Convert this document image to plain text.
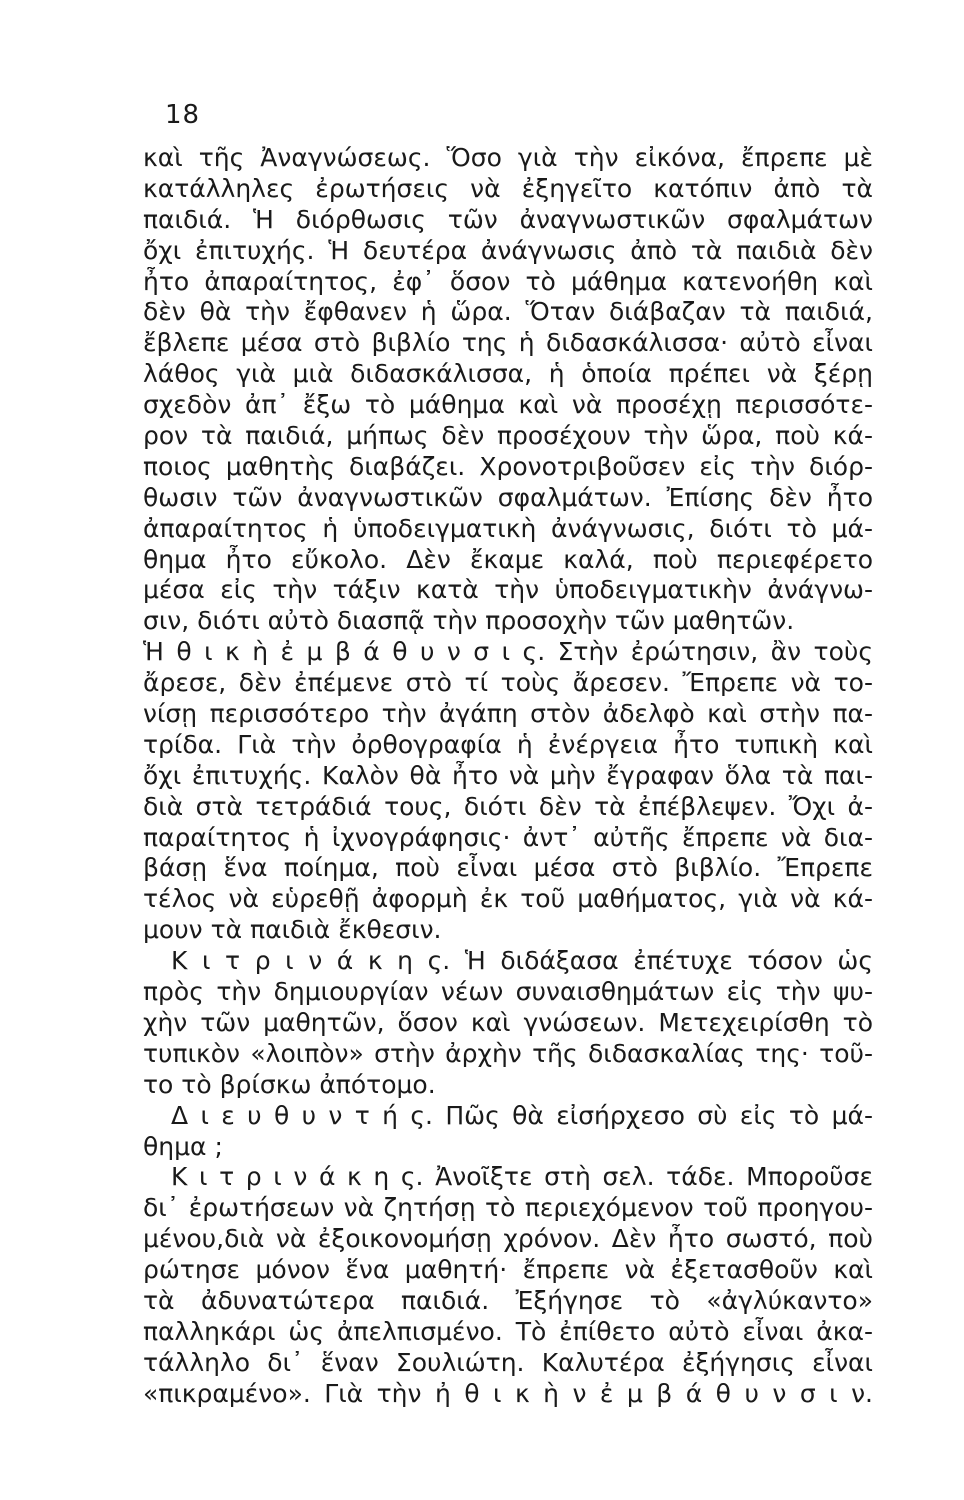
18
καὶ τῆς Ἀναγνώσεως. Ὅσο γιὰ τὴν εἰκόνα, ἔπρεπε μὲ
κατάλληλες ἐρωτήσεις νὰ ἐξηγεῖτο κατόπιν ἀπὸ τὰ
παιδιά. Ἡ διόρθωσις τῶν ἀναγνωστικῶν σφαλμάτων
ὄχι ἐπιτυχής. Ἡ δευτέρα ἀνάγνωσις ἀπὸ τὰ παιδιὰ δὲν
ἦτο ἀπαραίτητος, ἐφ᾽ ὅσον τὸ μάθημα κατενοήθη καὶ
δὲν θὰ τὴν ἔφθανεν ἡ ὥρα. Ὅταν διάβαζαν τὰ παιδιά,
ἔβλεπε μέσα στὸ βιβλίο της ἡ διδασκάλισσα· αὐτὸ εἶναι
λάθος γιὰ μιὰ διδασκάλισσα, ἡ ὁποία πρέπει νὰ ξέρῃ
σχεδὸν ἀπ᾽ ἔξω τὸ μάθημα καὶ νὰ προσέχῃ περισσότε-
ρον τὰ παιδιά, μήπως δὲν προσέχουν τὴν ὥρα, ποὺ κά-
ποιος μαθητὴς διαβάζει. Χρονοτριβοῦσεν εἰς τὴν διόρ-
θωσιν τῶν ἀναγνωστικῶν σφαλμάτων. Ἐπίσης δὲν ἦτο
ἀπαραίτητος ἡ ὑποδειγματικὴ ἀνάγνωσις, διότι τὸ μά-
θημα ἦτο εὔκολο. Δὲν ἔκαμε καλά, ποὺ περιεφέρετο
μέσα εἰς τὴν τάξιν κατὰ τὴν ὑποδειγματικὴν ἀνάγνω-
σιν, διότι αὐτὸ διασπᾷ τὴν προσοχὴν τῶν μαθητῶν.
Ἡ θ ι κ ὴ ἐ μ β ά θ υ ν σ ι ς. Στὴν ἐρώτησιν, ἂν τοὺς
ἄρεσε, δὲν ἐπέμενε στὸ τί τοὺς ἄρεσεν. Ἔπρεπε νὰ το-
νίσῃ περισσότερο τὴν ἀγάπη στὸν ἀδελφὸ καὶ στὴν πα-
τρίδα. Γιὰ τὴν ὀρθογραφία ἡ ἐνέργεια ἦτο τυπικὴ καὶ
ὄχι ἐπιτυχής. Καλὸν θὰ ἦτο νὰ μὴν ἔγραφαν ὅλα τὰ παι-
διὰ στὰ τετράδιά τους, διότι δὲν τὰ ἐπέβλεψεν. Ὄχι ἀ-
παραίτητος ἡ ἰχνογράφησις· ἀντ᾽ αὐτῆς ἔπρεπε νὰ δια-
βάσῃ ἕνα ποίημα, ποὺ εἶναι μέσα στὸ βιβλίο. Ἔπρεπε
τέλος νὰ εὑρεθῇ ἀφορμὴ ἐκ τοῦ μαθήματος, γιὰ νὰ κά-
μουν τὰ παιδιὰ ἔκθεσιν.
Κ ι τ ρ ι ν ά κ η ς. Ἡ διδάξασα ἐπέτυχε τόσον ὡς
πρὸς τὴν δημιουργίαν νέων συναισθημάτων εἰς τὴν ψυ-
χὴν τῶν μαθητῶν, ὅσον καὶ γνώσεων. Μετεχειρίσθη τὸ
τυπικὸν «λοιπὸν» στὴν ἀρχὴν τῆς διδασκαλίας της· τοῦ-
το τὸ βρίσκω ἀπότομο.
Δ ι ε υ θ υ ν τ ή ς. Πῶς θὰ εἰσήρχεσο σὺ εἰς τὸ μά-
θημα ;
Κ ι τ ρ ι ν ά κ η ς. Ἀνοῖξτε στὴ σελ. τάδε. Μποροῦσε
δι᾽ ἐρωτήσεων νὰ ζητήσῃ τὸ περιεχόμενον τοῦ προηγου-
μένου,διὰ νὰ ἐξοικονομήσῃ χρόνον. Δὲν ἦτο σωστό, ποὺ
ρώτησε μόνον ἕνα μαθητή· ἔπρεπε νὰ ἐξετασθοῦν καὶ
τὰ ἀδυνατώτερα παιδιά. Ἐξήγησε τὸ «ἀγλύκαντο»
παλληκάρι ὡς ἀπελπισμένο. Τὸ ἐπίθετο αὐτὸ εἶναι ἀκα-
τάλληλο δι᾽ ἕναν Σουλιώτη. Καλυτέρα ἐξήγησις εἶναι
«πικραμένο». Γιὰ τὴν ἠ θ ι κ ὴ ν ἐ μ β ά θ υ ν σ ι ν.
